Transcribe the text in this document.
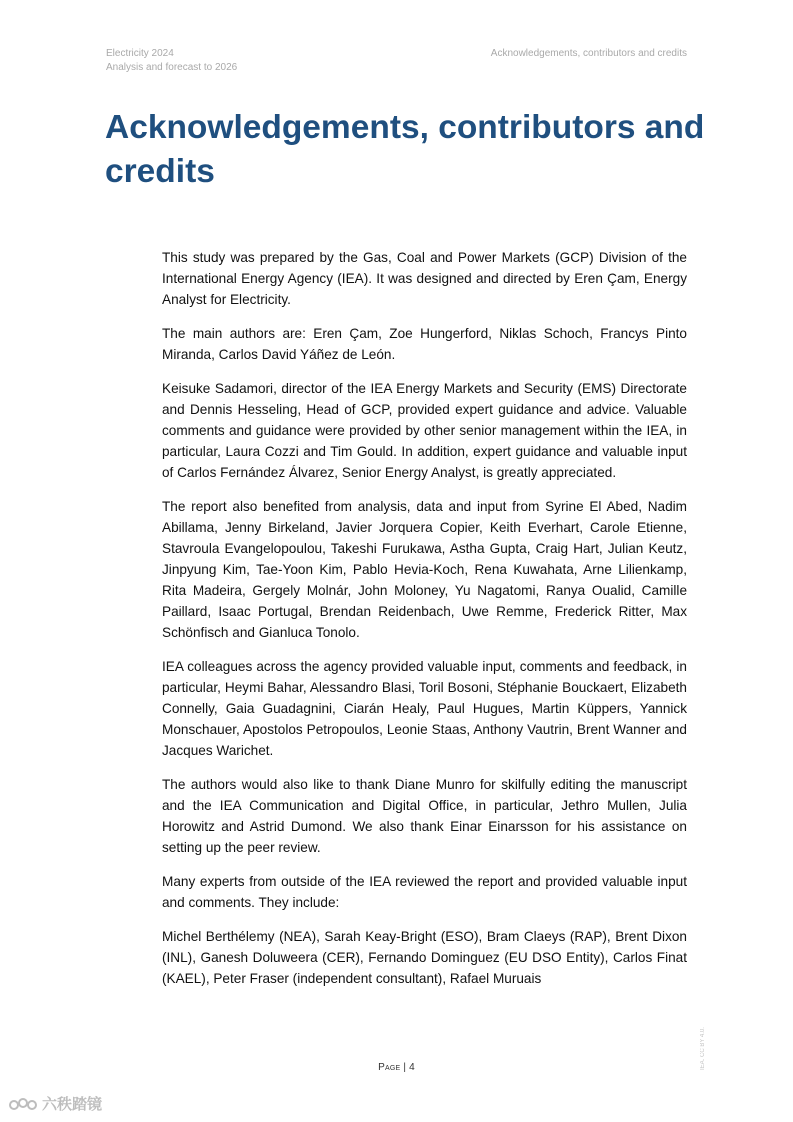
Electricity 2024
Analysis and forecast to 2026
Acknowledgements, contributors and credits
Acknowledgements, contributors and credits

This study was prepared by the Gas, Coal and Power Markets (GCP) Division of the International Energy Agency (IEA). It was designed and directed by Eren Çam, Energy Analyst for Electricity.

The main authors are: Eren Çam, Zoe Hungerford, Niklas Schoch, Francys Pinto Miranda, Carlos David Yáñez de León.

Keisuke Sadamori, director of the IEA Energy Markets and Security (EMS) Directorate and Dennis Hesseling, Head of GCP, provided expert guidance and advice. Valuable comments and guidance were provided by other senior management within the IEA, in particular, Laura Cozzi and Tim Gould. In addition, expert guidance and valuable input of Carlos Fernández Álvarez, Senior Energy Analyst, is greatly appreciated.

The report also benefited from analysis, data and input from Syrine El Abed, Nadim Abillama, Jenny Birkeland, Javier Jorquera Copier, Keith Everhart, Carole Etienne, Stavroula Evangelopoulou, Takeshi Furukawa, Astha Gupta, Craig Hart, Julian Keutz, Jinpyung Kim, Tae-Yoon Kim, Pablo Hevia-Koch, Rena Kuwahata, Arne Lilienkamp, Rita Madeira, Gergely Molnár, John Moloney, Yu Nagatomi, Ranya Oualid, Camille Paillard, Isaac Portugal, Brendan Reidenbach, Uwe Remme, Frederick Ritter, Max Schönfisch and Gianluca Tonolo.

IEA colleagues across the agency provided valuable input, comments and feedback, in particular, Heymi Bahar, Alessandro Blasi, Toril Bosoni, Stéphanie Bouckaert, Elizabeth Connelly, Gaia Guadagnini, Ciarán Healy, Paul Hugues, Martin Küppers, Yannick Monschauer, Apostolos Petropoulos, Leonie Staas, Anthony Vautrin, Brent Wanner and Jacques Warichet.

The authors would also like to thank Diane Munro for skilfully editing the manuscript and the IEA Communication and Digital Office, in particular, Jethro Mullen, Julia Horowitz and Astrid Dumond. We also thank Einar Einarsson for his assistance on setting up the peer review.

Many experts from outside of the IEA reviewed the report and provided valuable input and comments. They include:

Michel Berthélemy (NEA), Sarah Keay-Bright (ESO), Bram Claeys (RAP), Brent Dixon (INL), Ganesh Doluweera (CER), Fernando Dominguez (EU DSO Entity), Carlos Finat (KAEL), Peter Fraser (independent consultant), Rafael Muruais

Page | 4	IEA. CC BY 4.0.
六秩踏镜
